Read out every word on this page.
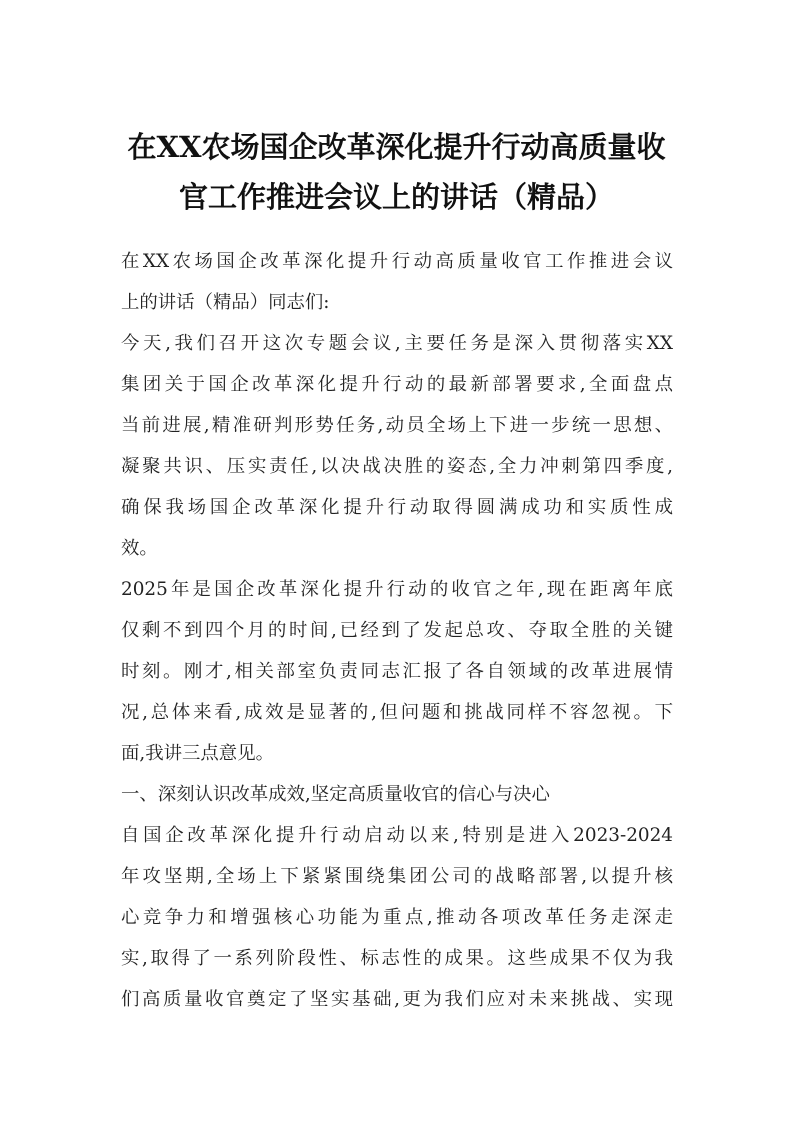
在XX农场国企改革深化提升行动高质量收
官工作推进会议上的讲话（精品）

在XX农场国企改革深化提升行动高质量收官工作推进会议
上的讲话（精品）同志们:

今天,我们召开这次专题会议,主要任务是深入贯彻落实XX
集团关于国企改革深化提升行动的最新部署要求,全面盘点
当前进展,精准研判形势任务,动员全场上下进一步统一思想、
凝聚共识、压实责任,以决战决胜的姿态,全力冲刺第四季度,
确保我场国企改革深化提升行动取得圆满成功和实质性成
效。

2025年是国企改革深化提升行动的收官之年,现在距离年底
仅剩不到四个月的时间,已经到了发起总攻、夺取全胜的关键
时刻。刚才,相关部室负责同志汇报了各自领域的改革进展情
况,总体来看,成效是显著的,但问题和挑战同样不容忽视。下
面,我讲三点意见。

一、深刻认识改革成效,坚定高质量收官的信心与决心

自国企改革深化提升行动启动以来,特别是进入2023-2024
年攻坚期,全场上下紧紧围绕集团公司的战略部署,以提升核
心竞争力和增强核心功能为重点,推动各项改革任务走深走
实,取得了一系列阶段性、标志性的成果。这些成果不仅为我
们高质量收官奠定了坚实基础,更为我们应对未来挑战、实现
